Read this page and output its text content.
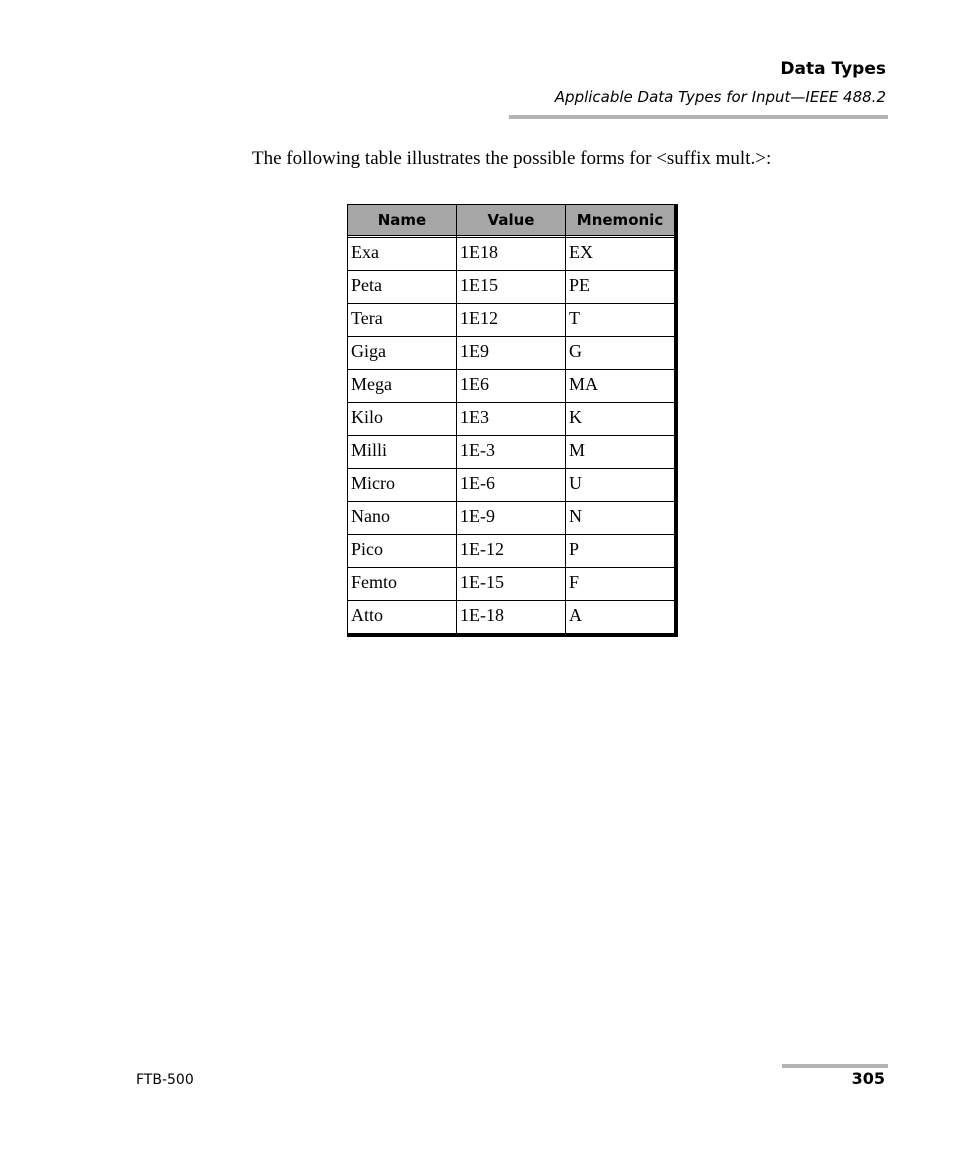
Data Types
Applicable Data Types for Input—IEEE 488.2
The following table illustrates the possible forms for <suffix mult.>:
Name	Value	Mnemonic

Exa	1E18	EX
Peta	1E15	PE
Tera	1E12	T
Giga	1E9	G
Mega	1E6	MA
Kilo	1E3	K
Milli	1E-3	M
Micro	1E-6	U
Nano	1E-9	N
Pico	1E-12	P
Femto	1E-15	F
Atto	1E-18	A
FTB-500	305
